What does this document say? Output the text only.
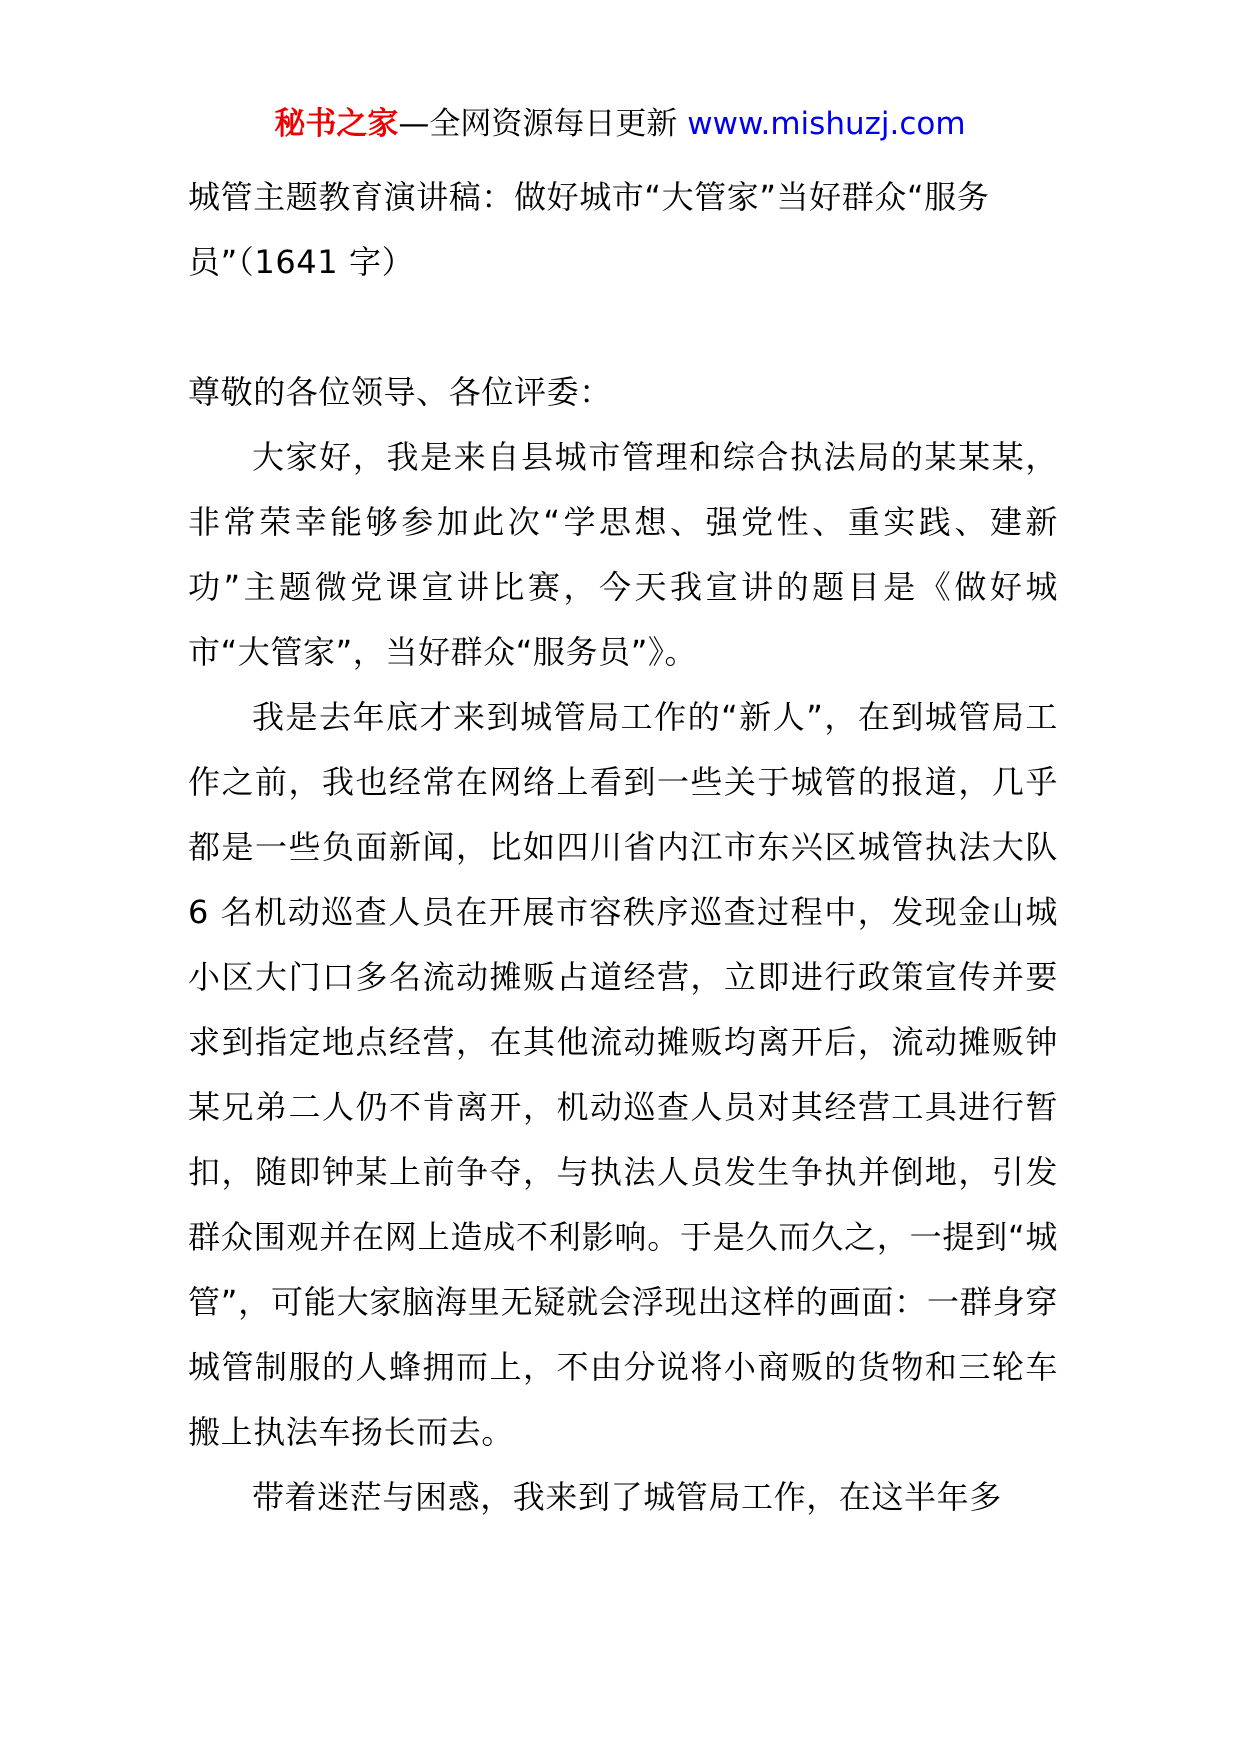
秘书之家—全网资源每日更新 www.mishuzj.com
城管主题教育演讲稿：做好城市“大管家”当好群众“服务员”（1641 字）

尊敬的各位领导、各位评委：

大家好，我是来自县城市管理和综合执法局的某某某，非常荣幸能够参加此次“学思想、强党性、重实践、建新功”主题微党课宣讲比赛，今天我宣讲的题目是《做好城市“大管家”，当好群众“服务员”》。

我是去年底才来到城管局工作的“新人”，在到城管局工作之前，我也经常在网络上看到一些关于城管的报道，几乎都是一些负面新闻，比如四川省内江市东兴区城管执法大队 6 名机动巡查人员在开展市容秩序巡查过程中，发现金山城小区大门口多名流动摊贩占道经营，立即进行政策宣传并要求到指定地点经营，在其他流动摊贩均离开后，流动摊贩钟某兄弟二人仍不肯离开，机动巡查人员对其经营工具进行暂扣，随即钟某上前争夺，与执法人员发生争执并倒地，引发群众围观并在网上造成不利影响。于是久而久之，一提到“城管”，可能大家脑海里无疑就会浮现出这样的画面：一群身穿城管制服的人蜂拥而上，不由分说将小商贩的货物和三轮车搬上执法车扬长而去。

带着迷茫与困惑，我来到了城管局工作，在这半年多
